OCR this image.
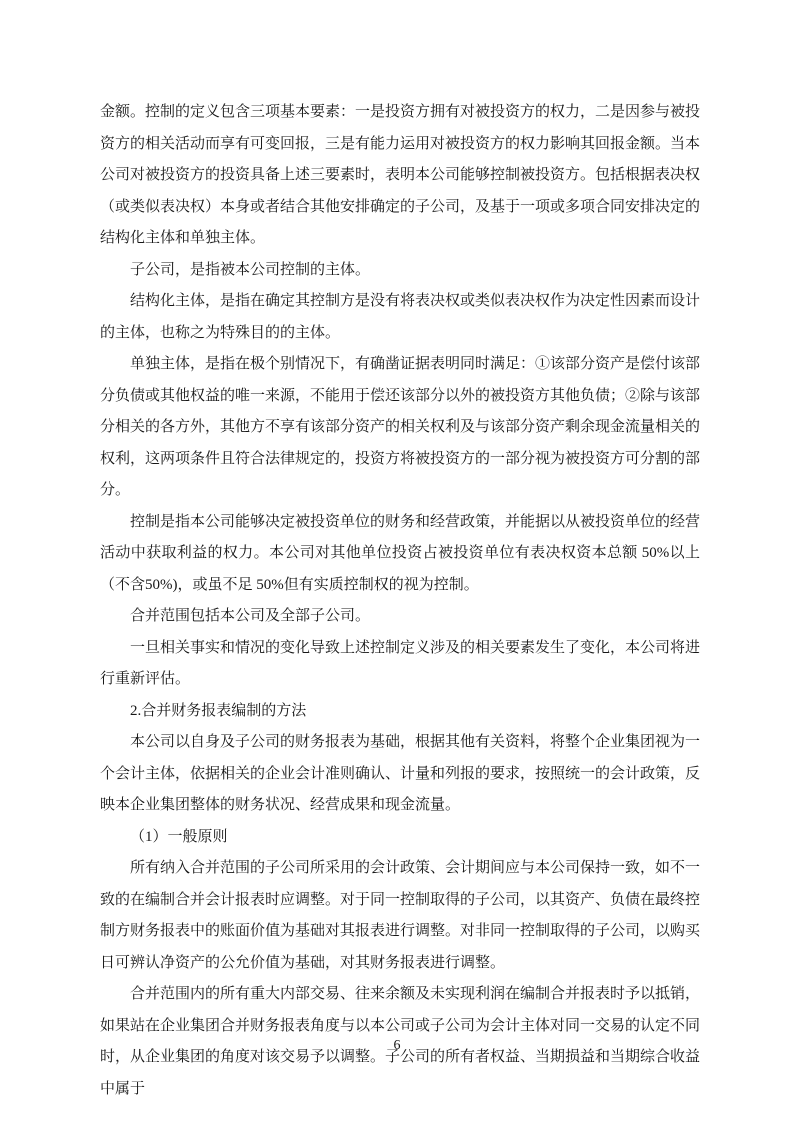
金额。控制的定义包含三项基本要素：一是投资方拥有对被投资方的权力，二是因参与被投资方的相关活动而享有可变回报，三是有能力运用对被投资方的权力影响其回报金额。当本公司对被投资方的投资具备上述三要素时，表明本公司能够控制被投资方。包括根据表决权（或类似表决权）本身或者结合其他安排确定的子公司，及基于一项或多项合同安排决定的结构化主体和单独主体。

子公司，是指被本公司控制的主体。

结构化主体，是指在确定其控制方是没有将表决权或类似表决权作为决定性因素而设计的主体，也称之为特殊目的的主体。

单独主体，是指在极个别情况下，有确凿证据表明同时满足：①该部分资产是偿付该部分负债或其他权益的唯一来源，不能用于偿还该部分以外的被投资方其他负债；②除与该部分相关的各方外，其他方不享有该部分资产的相关权利及与该部分资产剩余现金流量相关的权利，这两项条件且符合法律规定的，投资方将被投资方的一部分视为被投资方可分割的部分。

控制是指本公司能够决定被投资单位的财务和经营政策，并能据以从被投资单位的经营活动中获取利益的权力。本公司对其他单位投资占被投资单位有表决权资本总额 50%以上（不含50%)，或虽不足 50%但有实质控制权的视为控制。

合并范围包括本公司及全部子公司。

一旦相关事实和情况的变化导致上述控制定义涉及的相关要素发生了变化，本公司将进行重新评估。

2.合并财务报表编制的方法

本公司以自身及子公司的财务报表为基础，根据其他有关资料，将整个企业集团视为一个会计主体，依据相关的企业会计准则确认、计量和列报的要求，按照统一的会计政策，反映本企业集团整体的财务状况、经营成果和现金流量。

（1）一般原则

所有纳入合并范围的子公司所采用的会计政策、会计期间应与本公司保持一致，如不一致的在编制合并会计报表时应调整。对于同一控制取得的子公司，以其资产、负债在最终控制方财务报表中的账面价值为基础对其报表进行调整。对非同一控制取得的子公司，以购买日可辨认净资产的公允价值为基础，对其财务报表进行调整。

合并范围内的所有重大内部交易、往来余额及未实现利润在编制合并报表时予以抵销，如果站在企业集团合并财务报表角度与以本公司或子公司为会计主体对同一交易的认定不同时，从企业集团的角度对该交易予以调整。子公司的所有者权益、当期损益和当期综合收益中属于

6
